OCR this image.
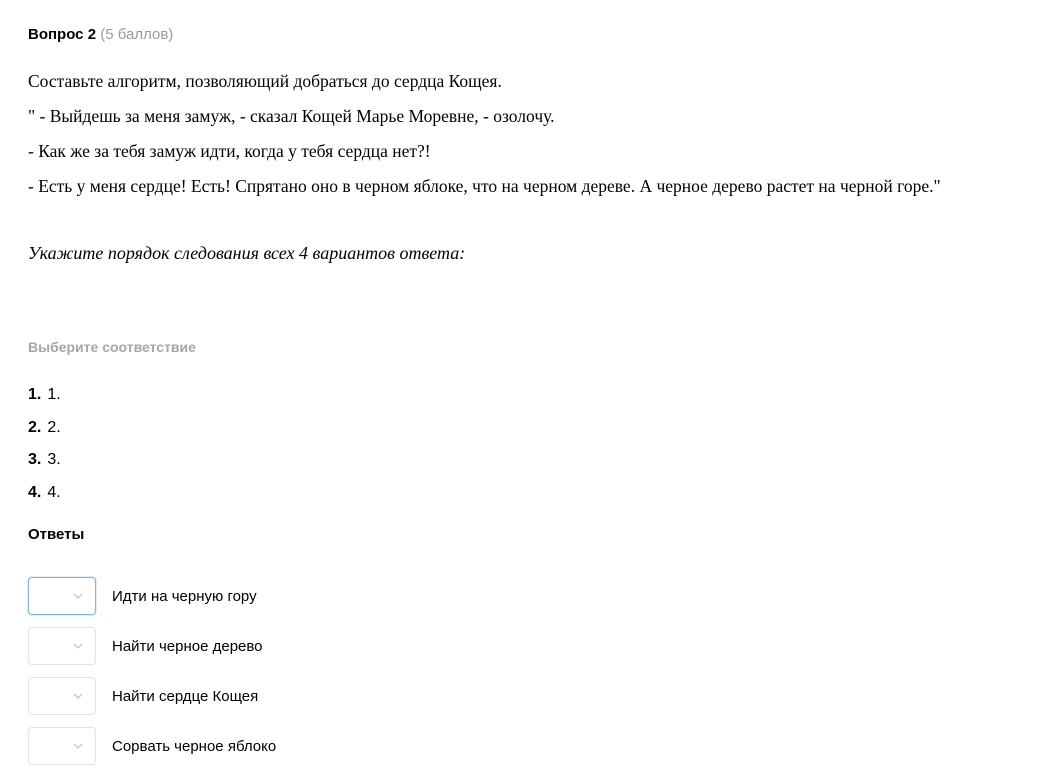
Вопрос 2 (5 баллов)

Составьте алгоритм, позволяющий добраться до сердца Кощея.

" - Выйдешь за меня замуж, - сказал Кощей Марье Моревне, - озолочу.

- Как же за тебя замуж идти, когда у тебя сердца нет?!

- Есть у меня сердце! Есть! Спрятано оно в черном яблоке, что на черном дереве. А черное дерево растет на черной горе."

Укажите порядок следования всех 4 вариантов ответа:
Выберите соответствие
1. 1.
2. 2.
3. 3.
4. 4.
Ответы
Идти на черную гору
Найти черное дерево
Найти сердце Кощея
Сорвать черное яблоко
